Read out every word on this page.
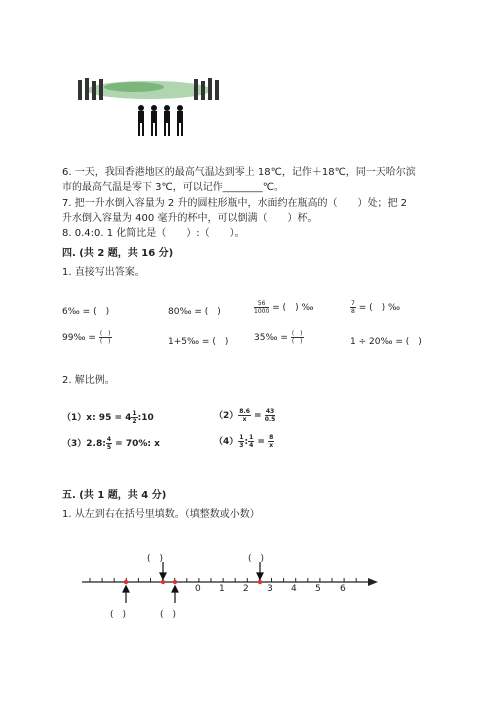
6. 一天，我国香港地区的最高气温达到零上 18℃，记作＋18℃，同一天哈尔滨
市的最高气温是零下 3℃，可以记作________℃。
7. 把一升水倒入容量为 2 升的圆柱形瓶中，水面约在瓶高的（　　）处；把 2
升水倒入容量为 400 毫升的杯中，可以倒满（　　）杯。
8. 0.4:0. 1 化简比是（　　）:（　　）。
四. (共 2 题，共 16 分)
1. 直接写出答案。
6‰ = (　)	80‰ = (　)	$\frac{56}{1000}$ = (　) ‰	$\frac{7}{8}$ = (　) ‰
99‰ = $\frac{( )}{( )}$	1+5‰ = (　)	35‰ = $\frac{( )}{( )}$	1 ÷ 20‰ = (　)
2. 解比例。
（1）x: $95 = 4 \frac{1}{2}$ :10	$(2) \frac{8.6}{x} = \frac{43}{0.5}$
（3）2.8: $\frac{4}{5} = 70\%$: x	$(4) \frac{1}{3}$ : $\frac{1}{4} = \frac{8}{x}$
五. (共 1 题，共 4 分)
1. 从左到右在括号里填数。（填整数或小数）
0 1 2 3 4 5 6
(　)	(　)
(　)	(　)
